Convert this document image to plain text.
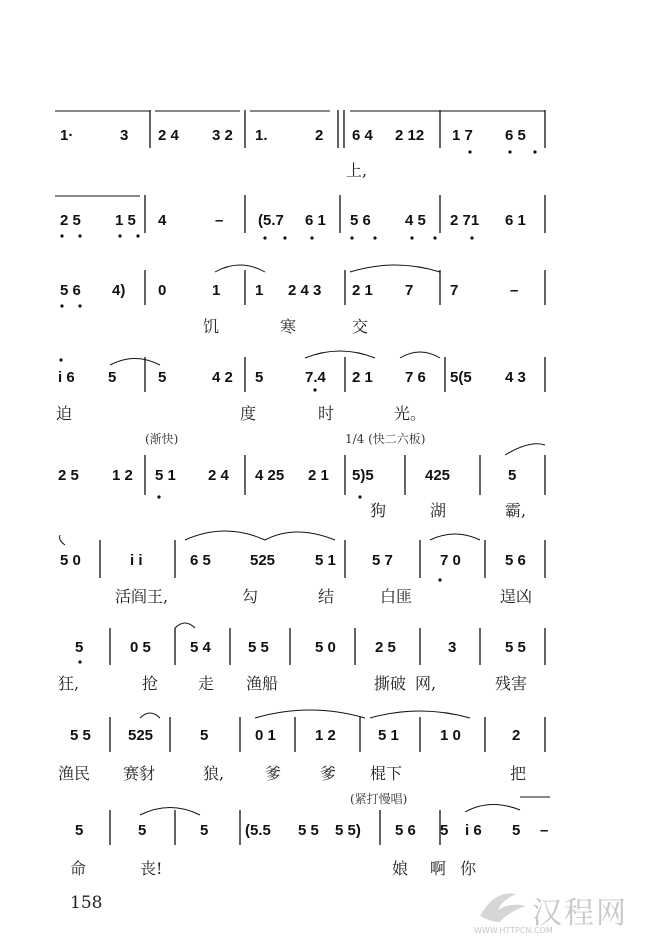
1·	3 2 4 3 2 1.	2 6 4 2 12 1 7 6 5
2 5 1 5 4	– (5.7 6 1 5 6 4 5 2 71 6 1
5 6 4) 0	1 1 2 4 3 2 1 7 7	–
i 6 5	5	4 2 5	7.4 2 1 7 6 5(5 4 3
2 5 1 2 5 1 2 4 4 25 2 1 5)5	425	5
5 0	i i	6 5	525	5 1 5 7	7 0	5 6
5	0 5	5 4 5 5	5 0	2 5	3	5 5
5 5 525	5	0 1	1 2	5 1	1 0	2
5	5	5 (5.5 5 5 5 5) 5 6 5 i 6 5 –
上,
饥	寒	交
迫	度	时	光。
(渐快)	1/4 (快二六板)
狗	湖	霸,
活阎王,	勾	结	白匪	逞凶
狂,	抢 走 渔船	撕破 网,	残害
渔民 赛豺	狼,	爹 爹 棍下	把
(紧打慢唱)
命	丧!	娘 啊 你
158	汉程网
WWW.HTTPCN.COM
